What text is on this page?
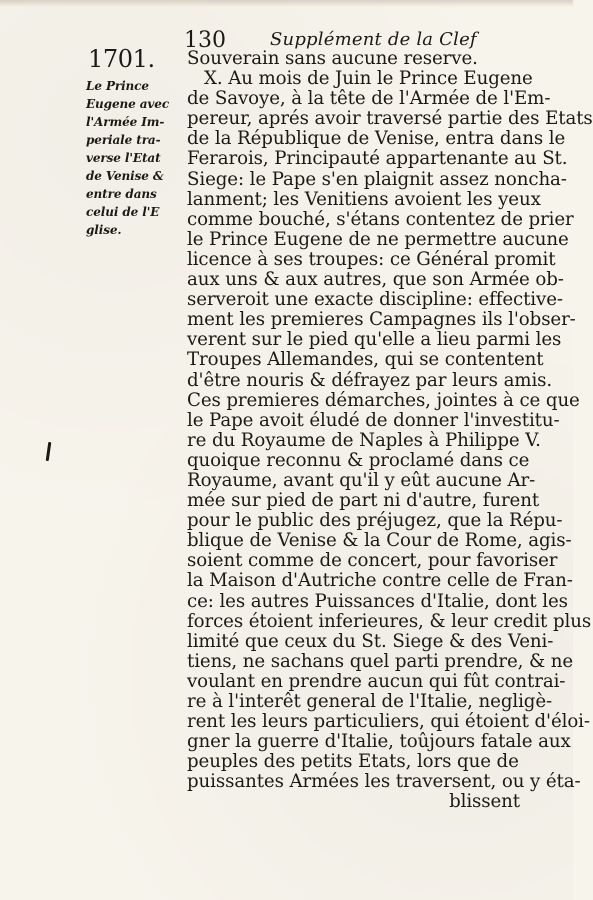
130 Supplément de la Clef
1701.
Le Prince
Eugene avec
l'Armée Im-
periale tra-
verse l'Etat
de Venise &
entre dans
celui de l'E
glise.
Souverain sans aucune reserve.
X. Au mois de Juin le Prince Eugene
de Savoye, à la tête de l'Armée de l'Em-
pereur, aprés avoir traversé partie des Etats
de la République de Venise, entra dans le
Ferarois, Principauté appartenante au St.
Siege: le Pape s'en plaignit assez noncha-
lanment; les Venitiens avoient les yeux
comme bouché, s'étans contentez de prier
le Prince Eugene de ne permettre aucune
licence à ses troupes: ce Général promit
aux uns & aux autres, que son Armée ob-
serveroit une exacte discipline: effective-
ment les premieres Campagnes ils l'obser-
verent sur le pied qu'elle a lieu parmi les
Troupes Allemandes, qui se contentent
d'être nouris & défrayez par leurs amis.
Ces premieres démarches, jointes à ce que
le Pape avoit éludé de donner l'investitu-
re du Royaume de Naples à Philippe V.
quoique reconnu & proclamé dans ce
Royaume, avant qu'il y eût aucune Ar-
mée sur pied de part ni d'autre, furent
pour le public des préjugez, que la Répu-
blique de Venise & la Cour de Rome, agis-
soient comme de concert, pour favoriser
la Maison d'Autriche contre celle de Fran-
ce: les autres Puissances d'Italie, dont les
forces étoient inferieures, & leur credit plus
limité que ceux du St. Siege & des Veni-
tiens, ne sachans quel parti prendre, & ne
voulant en prendre aucun qui fût contrai-
re à l'interêt general de l'Italie, negligè-
rent les leurs particuliers, qui étoient d'éloi-
gner la guerre d'Italie, toûjours fatale aux
peuples des petits Etats, lors que de
puissantes Armées les traversent, ou y éta-
blissent
